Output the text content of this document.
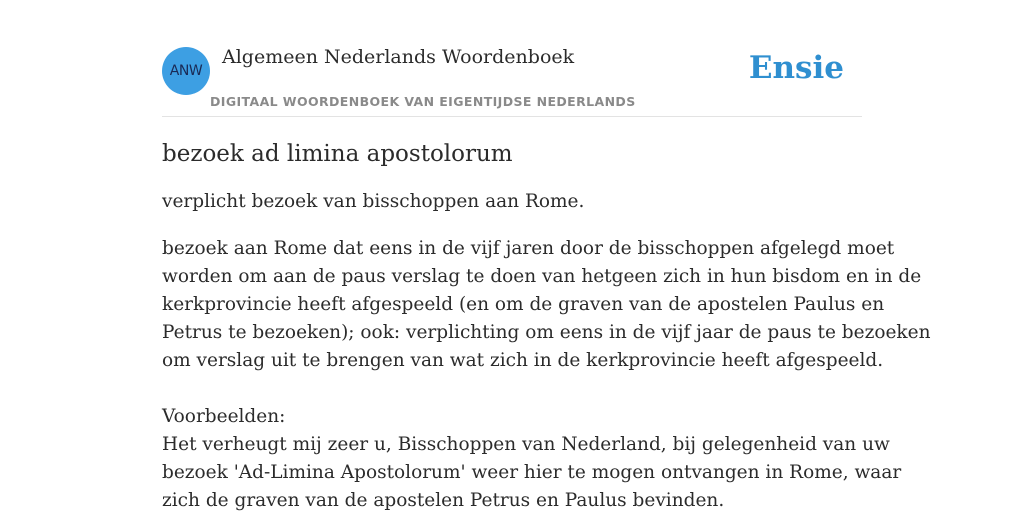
ANW
Algemeen Nederlands Woordenboek
DIGITAAL WOORDENBOEK VAN EIGENTIJDSE NEDERLANDS
Ensie
bezoek ad limina apostolorum

verplicht bezoek van bisschoppen aan Rome.

bezoek aan Rome dat eens in de vijf jaren door de bisschoppen afgelegd moet
worden om aan de paus verslag te doen van hetgeen zich in hun bisdom en in de
kerkprovincie heeft afgespeeld (en om de graven van de apostelen Paulus en
Petrus te bezoeken); ook: verplichting om eens in de vijf jaar de paus te bezoeken
om verslag uit te brengen van wat zich in de kerkprovincie heeft afgespeeld.

Voorbeelden:
Het verheugt mij zeer u, Bisschoppen van Nederland, bij gelegenheid van uw
bezoek 'Ad-Limina Apostolorum' weer hier te mogen ontvangen in Rome, waar
zich de graven van de apostelen Petrus en Paulus bevinden.
